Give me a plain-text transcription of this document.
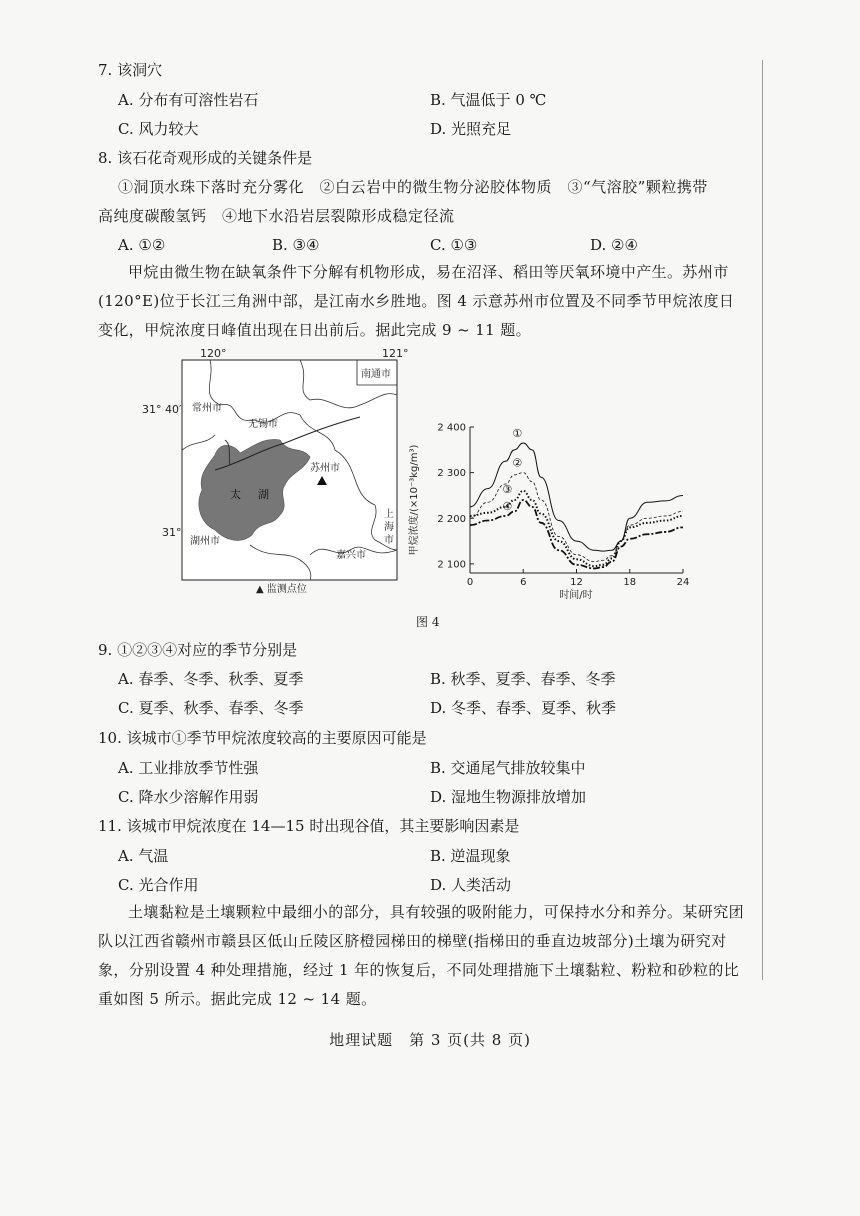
7. 该洞穴
A. 分布有可溶性岩石	B. 气温低于 0 ℃
C. 风力较大	D. 光照充足
8. 该石花奇观形成的关键条件是
①洞顶水珠下落时充分雾化　②白云岩中的微生物分泌胶体物质　③“气溶胶”颗粒携带
高纯度碳酸氢钙　④地下水沿岩层裂隙形成稳定径流
A. ①②	B. ③④	C. ①③	D. ②④
甲烷由微生物在缺氧条件下分解有机物形成，易在沼泽、稻田等厌氧环境中产生。苏州市(120°E)位于长江三角洲中部，是江南水乡胜地。图 4 示意苏州市位置及不同季节甲烷浓度日变化，甲烷浓度日峰值出现在日出前后。据此完成 9 ~ 11 题。
120°	121°
31° 40′
31°
南通市
常州市
无锡市
太 湖
苏州市
上
海
市
湖州市
嘉兴市
▲ 监测点位
0	6	12	18	24
2 100
2 200
2 300
2 400	①
②
③
④
甲烷浓度/(×10⁻³kg/m³)
时间/时
图 4
9. ①②③④对应的季节分别是
A. 春季、冬季、秋季、夏季	B. 秋季、夏季、春季、冬季
C. 夏季、秋季、春季、冬季	D. 冬季、春季、夏季、秋季
10. 该城市①季节甲烷浓度较高的主要原因可能是
A. 工业排放季节性强	B. 交通尾气排放较集中
C. 降水少溶解作用弱	D. 湿地生物源排放增加
11. 该城市甲烷浓度在 14—15 时出现谷值，其主要影响因素是
A. 气温	B. 逆温现象
C. 光合作用	D. 人类活动
土壤黏粒是土壤颗粒中最细小的部分，具有较强的吸附能力，可保持水分和养分。某研究团队以江西省赣州市赣县区低山丘陵区脐橙园梯田的梯壁(指梯田的垂直边坡部分)土壤为研究对象，分别设置 4 种处理措施，经过 1 年的恢复后，不同处理措施下土壤黏粒、粉粒和砂粒的比重如图 5 所示。据此完成 12 ~ 14 题。
地理试题　第 3 页(共 8 页)
